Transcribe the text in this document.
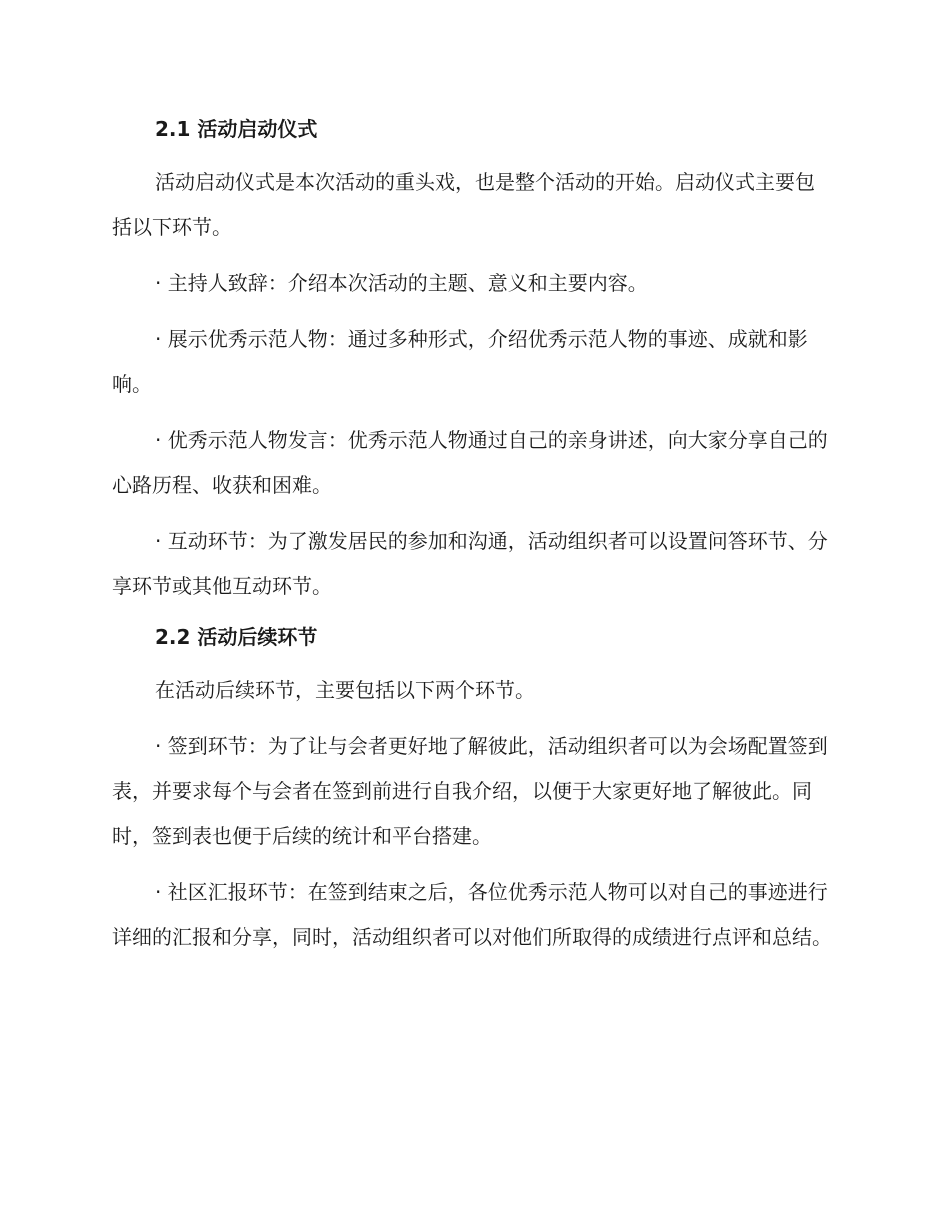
2.1 活动启动仪式

活动启动仪式是本次活动的重头戏，也是整个活动的开始。启动仪式主要包括以下环节。

· 主持人致辞：介绍本次活动的主题、意义和主要内容。

· 展示优秀示范人物：通过多种形式，介绍优秀示范人物的事迹、成就和影响。

· 优秀示范人物发言：优秀示范人物通过自己的亲身讲述，向大家分享自己的心路历程、收获和困难。

· 互动环节：为了激发居民的参加和沟通，活动组织者可以设置问答环节、分享环节或其他互动环节。

2.2 活动后续环节

在活动后续环节，主要包括以下两个环节。

· 签到环节：为了让与会者更好地了解彼此，活动组织者可以为会场配置签到表，并要求每个与会者在签到前进行自我介绍，以便于大家更好地了解彼此。同时，签到表也便于后续的统计和平台搭建。

· 社区汇报环节：在签到结束之后，各位优秀示范人物可以对自己的事迹进行详细的汇报和分享，同时，活动组织者可以对他们所取得的成绩进行点评和总结。
